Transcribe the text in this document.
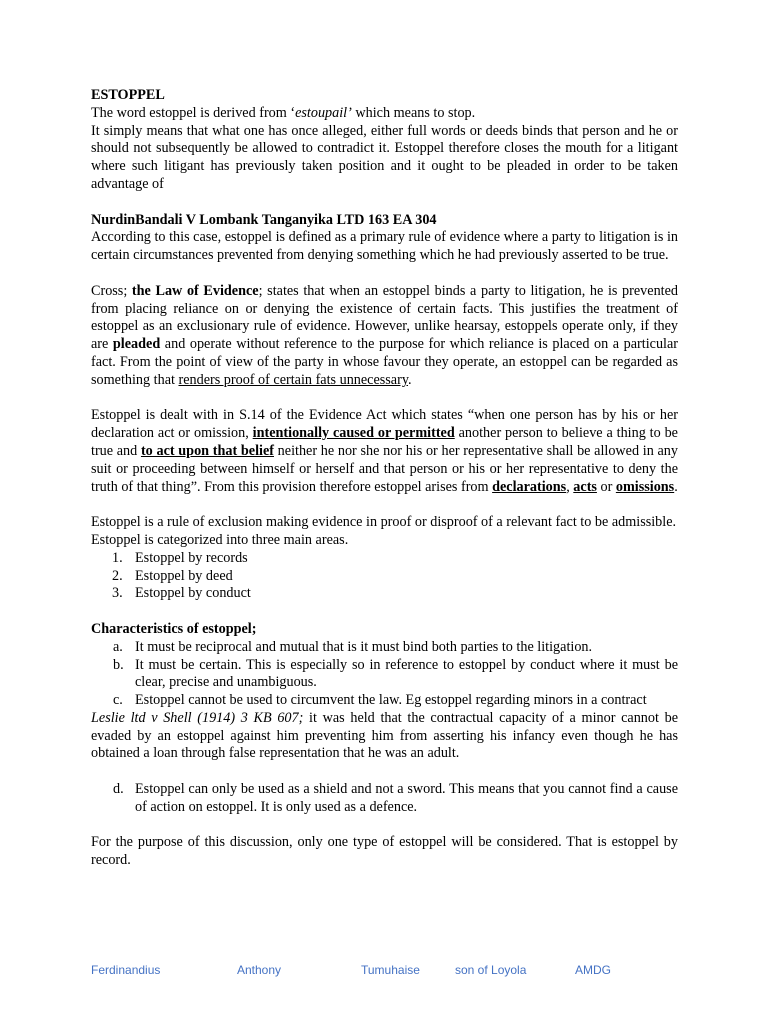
ESTOPPEL

The word estoppel is derived from ‘estoupail’ which means to stop.

It simply means that what one has once alleged, either full words or deeds binds that person and he or should not subsequently be allowed to contradict it. Estoppel therefore closes the mouth for a litigant where such litigant has previously taken position and it ought to be pleaded in order to be taken advantage of

NurdinBandali V Lombank Tanganyika LTD 163 EA 304

According to this case, estoppel is defined as a primary rule of evidence where a party to litigation is in certain circumstances prevented from denying something which he had previously asserted to be true.

Cross; the Law of Evidence; states that when an estoppel binds a party to litigation, he is prevented from placing reliance on or denying the existence of certain facts. This justifies the treatment of estoppel as an exclusionary rule of evidence. However, unlike hearsay, estoppels operate only, if they are pleaded and operate without reference to the purpose for which reliance is placed on a particular fact. From the point of view of the party in whose favour they operate, an estoppel can be regarded as something that renders proof of certain fats unnecessary.

Estoppel is dealt with in S.14 of the Evidence Act which states “when one person has by his or her declaration act or omission, intentionally caused or permitted another person to believe a thing to be true and to act upon that belief neither he nor she nor his or her representative shall be allowed in any suit or proceeding between himself or herself and that person or his or her representative to deny the truth of that thing”. From this provision therefore estoppel arises from declarations, acts or omissions.

Estoppel is a rule of exclusion making evidence in proof or disproof of a relevant fact to be admissible.

Estoppel is categorized into three main areas.

1. Estoppel by records
2. Estoppel by deed
3. Estoppel by conduct

Characteristics of estoppel;

a. It must be reciprocal and mutual that is it must bind both parties to the litigation.
b. It must be certain. This is especially so in reference to estoppel by conduct where it must be clear, precise and unambiguous.
c. Estoppel cannot be used to circumvent the law. Eg estoppel regarding minors in a contract

Leslie ltd v Shell (1914) 3 KB 607; it was held that the contractual capacity of a minor cannot be evaded by an estoppel against him preventing him from asserting his infancy even though he has obtained a loan through false representation that he was an adult.

d. Estoppel can only be used as a shield and not a sword. This means that you cannot find a cause of action on estoppel. It is only used as a defence.

For the purpose of this discussion, only one type of estoppel will be considered. That is estoppel by record.

Ferdinandius	Anthony	Tumuhaise	son of Loyola	AMDG
